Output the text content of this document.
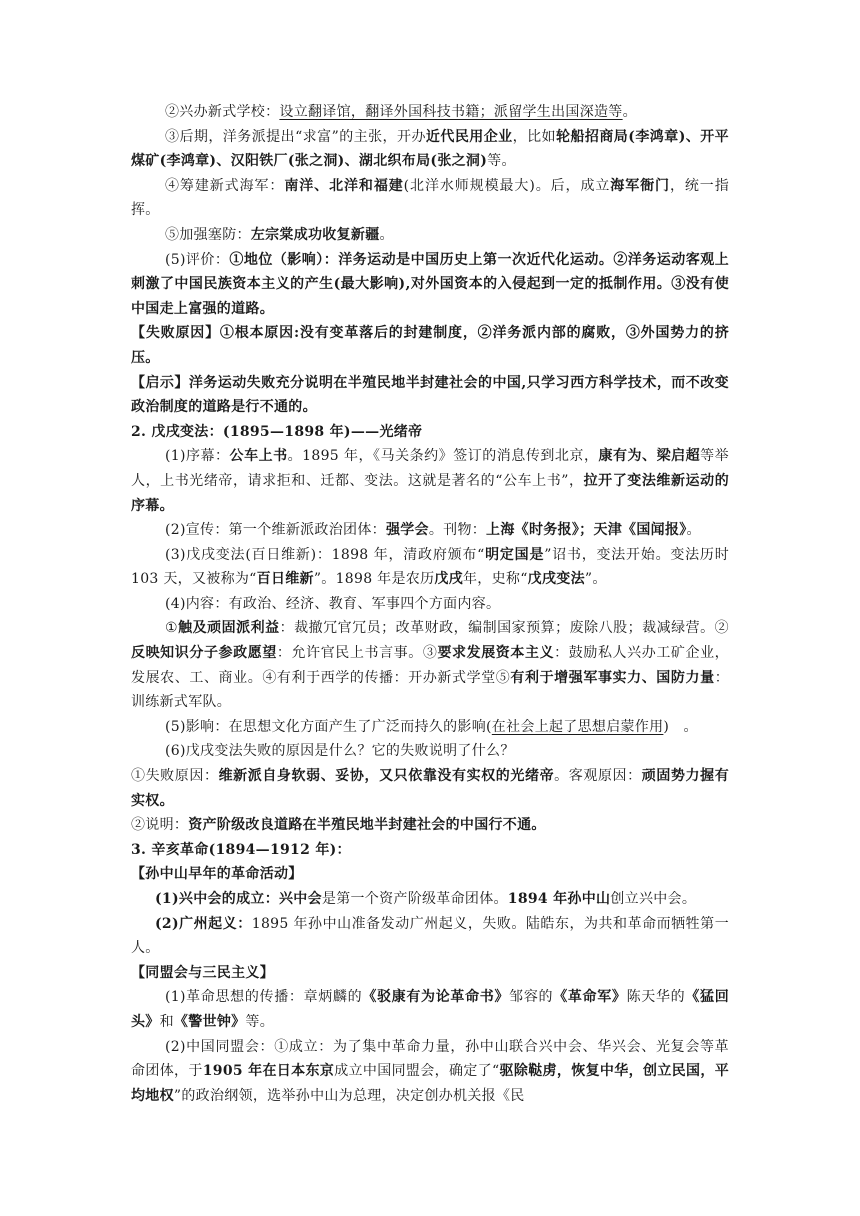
②兴办新式学校：设立翻译馆，翻译外国科技书籍；派留学生出国深造等。

③后期，洋务派提出“求富”的主张，开办近代民用企业，比如轮船招商局(李鸿章)、开平煤矿(李鸿章)、汉阳铁厂(张之洞)、湖北织布局(张之洞)等。

④筹建新式海军：南洋、北洋和福建(北洋水师规模最大)。后，成立海军衙门，统一指挥。

⑤加强塞防：左宗棠成功收复新疆。

(5)评价：①地位（影响）：洋务运动是中国历史上第一次近代化运动。②洋务运动客观上刺激了中国民族资本主义的产生(最大影响),对外国资本的入侵起到一定的抵制作用。③没有使中国走上富强的道路。

【失败原因】①根本原因:没有变革落后的封建制度，②洋务派内部的腐败，③外国势力的挤压。

【启示】洋务运动失败充分说明在半殖民地半封建社会的中国,只学习西方科学技术，而不改变政治制度的道路是行不通的。

2. 戊戌变法：(1895—1898 年)——光绪帝

(1)序幕：公车上书。1895 年，《马关条约》签订的消息传到北京，康有为、梁启超等举人，上书光绪帝，请求拒和、迁都、变法。这就是著名的“公车上书”，拉开了变法维新运动的序幕。

(2)宣传：第一个维新派政治团体：强学会。刊物：上海《时务报》；天津《国闻报》。

(3)戊戌变法(百日维新)：1898 年，清政府颁布“明定国是”诏书，变法开始。变法历时 103 天，又被称为“百日维新”。1898 年是农历戊戌年，史称“戊戌变法”。

(4)内容：有政治、经济、教育、军事四个方面内容。

①触及顽固派利益：裁撤冗官冗员；改革财政，编制国家预算；废除八股；裁减绿营。②反映知识分子参政愿望：允许官民上书言事。③要求发展资本主义：鼓励私人兴办工矿企业，发展农、工、商业。④有利于西学的传播：开办新式学堂⑤有利于增强军事实力、国防力量：训练新式军队。

(5)影响：在思想文化方面产生了广泛而持久的影响(在社会上起了思想启蒙作用)　。

(6)戊戌变法失败的原因是什么？它的失败说明了什么？

①失败原因：维新派自身软弱、妥协，又只依靠没有实权的光绪帝。客观原因：顽固势力握有实权。

②说明：资产阶级改良道路在半殖民地半封建社会的中国行不通。

3. 辛亥革命(1894—1912 年)：

【孙中山早年的革命活动】

(1)兴中会的成立：兴中会是第一个资产阶级革命团体。1894 年孙中山创立兴中会。

(2)广州起义：1895 年孙中山准备发动广州起义，失败。陆皓东，为共和革命而牺牲第一人。

【同盟会与三民主义】

(1)革命思想的传播：章炳麟的《驳康有为论革命书》邹容的《革命军》陈天华的《猛回头》和《警世钟》等。

(2)中国同盟会：①成立：为了集中革命力量，孙中山联合兴中会、华兴会、光复会等革命团体，于1905 年在日本东京成立中国同盟会，确定了“驱除鞑虏，恢复中华，创立民国，平均地权”的政治纲领，选举孙中山为总理，决定创办机关报《民
